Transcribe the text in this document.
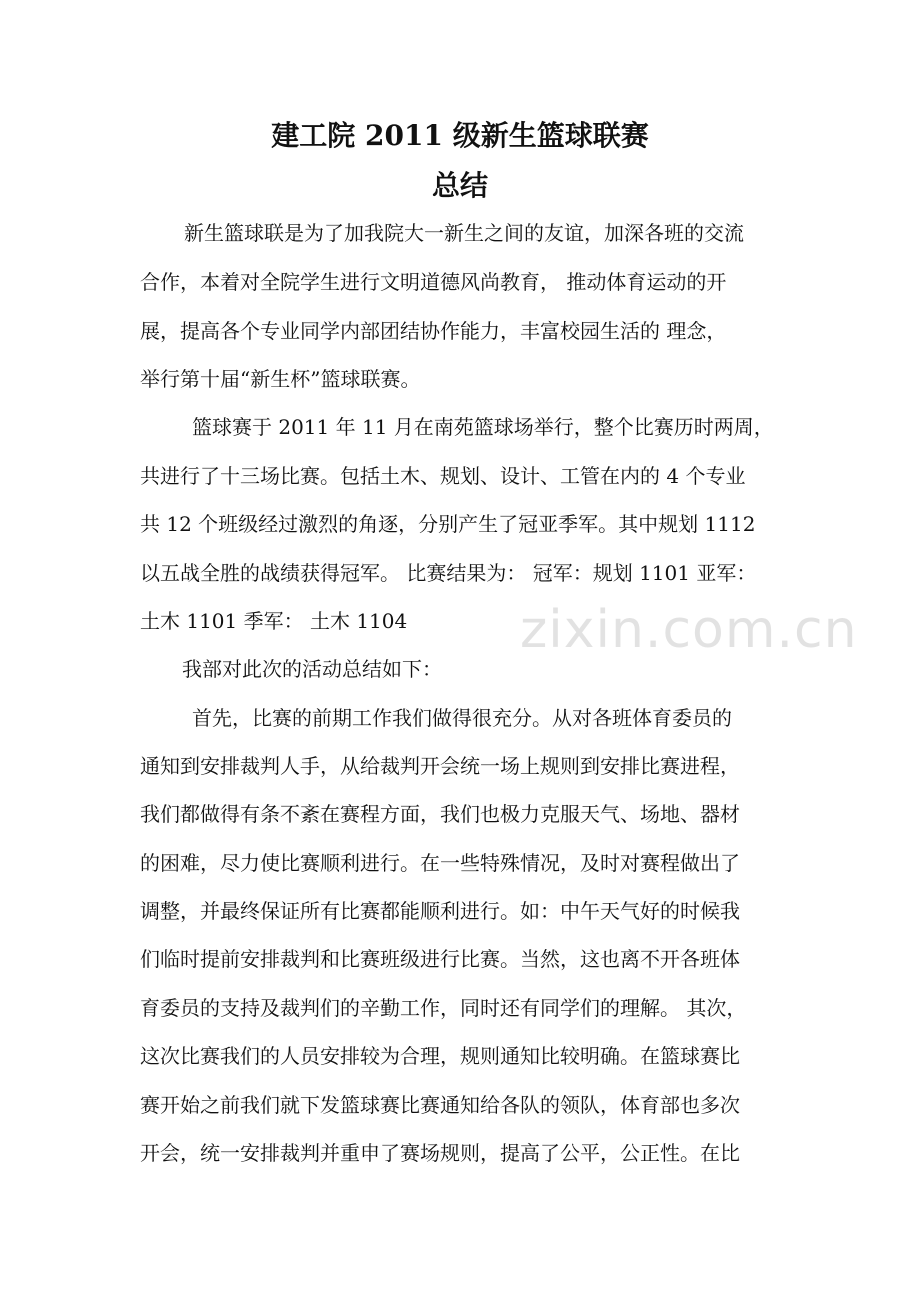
建工院 2011 级新生篮球联赛
总结

新生篮球联是为了加我院大一新生之间的友谊，加深各班的交流

合作，本着对全院学生进行文明道德风尚教育， 推动体育运动的开

展，提高各个专业同学内部团结协作能力，丰富校园生活的 理念，

举行第十届“新生杯”篮球联赛。

篮球赛于 2011 年 11 月在南苑篮球场举行，整个比赛历时两周，

共进行了十三场比赛。包括土木、规划、设计、工管在内的 4 个专业

共 12 个班级经过激烈的角逐，分别产生了冠亚季军。其中规划 1112

以五战全胜的战绩获得冠军。 比赛结果为： 冠军：规划 1101 亚军：

土木 1101 季军： 土木 1104

我部对此次的活动总结如下：

首先，比赛的前期工作我们做得很充分。从对各班体育委员的

通知到安排裁判人手，从给裁判开会统一场上规则到安排比赛进程，

我们都做得有条不紊在赛程方面，我们也极力克服天气、场地、器材

的困难，尽力使比赛顺利进行。在一些特殊情况，及时对赛程做出了

调整，并最终保证所有比赛都能顺利进行。如：中午天气好的时候我

们临时提前安排裁判和比赛班级进行比赛。当然，这也离不开各班体

育委员的支持及裁判们的辛勤工作，同时还有同学们的理解。 其次，

这次比赛我们的人员安排较为合理，规则通知比较明确。在篮球赛比

赛开始之前我们就下发篮球赛比赛通知给各队的领队，体育部也多次

开会，统一安排裁判并重申了赛场规则，提高了公平，公正性。在比

zixin.com.cn
